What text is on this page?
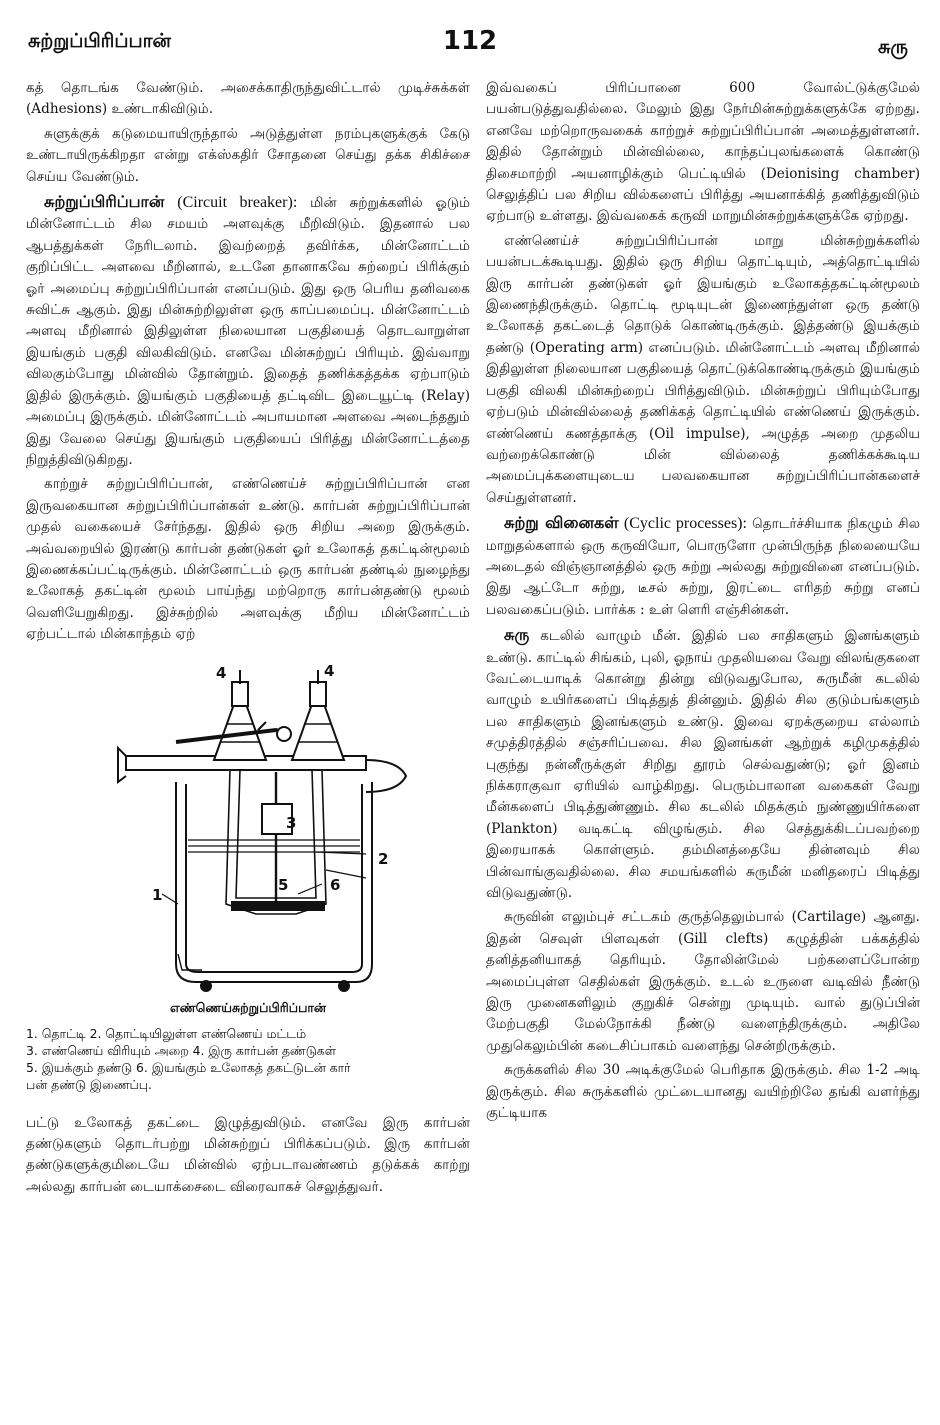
சுற்றுப்பிரிப்பான்	112	சுரு

கத் தொடங்க வேண்டும். அசைக்காதிருந்துவிட்டால் முடிச்சுக்கள் (Adhesions) உண்டாகிவிடும்.

சுளுக்குக் கடுமையாயிருந்தால் அடுத்துள்ள நரம்புகளுக்குக் கேடு உண்டாயிருக்கிறதா என்று எக்ஸ்கதிர் சோதனை செய்து தக்க சிகிச்சை செய்ய வேண்டும்.

சுற்றுப்பிரிப்பான் (Circuit breaker): மின் சுற்றுக்களில் ஓடும் மின்னோட்டம் சில சமயம் அளவுக்கு மீறிவிடும். இதனால் பல ஆபத்துக்கள் நேரிடலாம். இவற்றைத் தவிர்க்க, மின்னோட்டம் குறிப்பிட்ட அளவை மீறினால், உடனே தானாகவே சுற்றைப் பிரிக்கும் ஓர் அமைப்பு சுற்றுப்பிரிப்பான் எனப்படும். இது ஒரு பெரிய தனிவகை சுவிட்சு ஆகும். இது மின்சுற்றிலுள்ள ஒரு காப்பமைப்பு. மின்னோட்டம் அளவு மீறினால் இதிலுள்ள நிலையான பகுதியைத் தொடவாறுள்ள இயங்கும் பகுதி விலகிவிடும். எனவே மின்சுற்றுப் பிரியும். இவ்வாறு விலகும்போது மின்வில் தோன்றும். இதைத் தணிக்கத்தக்க ஏற்பாடும் இதில் இருக்கும். இயங்கும் பகுதியைத் தட்டிவிட இடையூட்டி (Relay) அமைப்பு இருக்கும். மின்னோட்டம் அபாயமான அளவை அடைந்ததும் இது வேலை செய்து இயங்கும் பகுதியைப் பிரித்து மின்னோட்டத்தை நிறுத்திவிடுகிறது.

காற்றுச் சுற்றுப்பிரிப்பான், எண்ணெய்ச் சுற்றுப்பிரிப்பான் என இருவகையான சுற்றுப்பிரிப்பான்கள் உண்டு. கார்பன் சுற்றுப்பிரிப்பான் முதல் வகையைச் சேர்ந்தது. இதில் ஒரு சிறிய அறை இருக்கும். அவ்வறையில் இரண்டு கார்பன் தண்டுகள் ஓர் உலோகத் தகட்டின்மூலம் இணைக்கப்பட்டிருக்கும். மின்னோட்டம் ஒரு கார்பன் தண்டில் நுழைந்து உலோகத் தகட்டின் மூலம் பாய்ந்து மற்றொரு கார்பன்தண்டு மூலம் வெளியேறுகிறது. இச்சுற்றில் அளவுக்கு மீறிய மின்னோட்டம் ஏற்பட்டால் மின்காந்தம் ஏற்

4	4
3
2
5	6
1
எண்ணெய்சுற்றுப்பிரிப்பான்
1. தொட்டி 2. தொட்டியிலுள்ள எண்ணெய் மட்டம்
3. எண்ணெய் விரியும் அறை 4. இரு கார்பன் தண்டுகள்
5. இயக்கும் தண்டு 6. இயங்கும் உலோகத் தகட்டுடன் கார்
பன் தண்டு இணைப்பு.

பட்டு உலோகத் தகட்டை இழுத்துவிடும். எனவே இரு கார்பன் தண்டுகளும் தொடர்பற்று மின்சுற்றுப் பிரிக்கப்படும். இரு கார்பன் தண்டுகளுக்குமிடையே மின்வில் ஏற்படாவண்ணம் தடுக்கக் காற்று அல்லது கார்பன் டையாக்சைடை விரைவாகச் செலுத்துவர்.

இவ்வகைப் பிரிப்பானை 600 வோல்ட்டுக்குமேல் பயன்படுத்துவதில்லை. மேலும் இது நேர்மின்சுற்றுக்களுக்கே ஏற்றது. எனவே மற்றொருவகைக் காற்றுச் சுற்றுப்பிரிப்பான் அமைத்துள்ளனர். இதில் தோன்றும் மின்வில்லை, காந்தப்புலங்களைக் கொண்டு திசைமாற்றி அயனாழிக்கும் பெட்டியில் (Deionising chamber) செலுத்திப் பல சிறிய வில்களைப் பிரித்து அயனாக்கித் தணித்துவிடும் ஏற்பாடு உள்ளது. இவ்வகைக் கருவி மாறுமின்சுற்றுக்களுக்கே ஏற்றது.

எண்ணெய்ச் சுற்றுப்பிரிப்பான் மாறு மின்சுற்றுக்களில் பயன்படக்கூடியது. இதில் ஒரு சிறிய தொட்டியும், அத்தொட்டியில் இரு கார்பன் தண்டுகள் ஓர் இயங்கும் உலோகத்தகட்டின்மூலம் இணைந்திருக்கும். தொட்டி மூடியுடன் இணைந்துள்ள ஒரு தண்டு உலோகத் தகட்டைத் தொடுக் கொண்டிருக்கும். இத்தண்டு இயக்கும் தண்டு (Operating arm) எனப்படும். மின்னோட்டம் அளவு மீறினால் இதிலுள்ள நிலையான பகுதியைத் தொட்டுக்கொண்டிருக்கும் இயங்கும் பகுதி விலகி மின்சுற்றைப் பிரித்துவிடும். மின்சுற்றுப் பிரியும்போது ஏற்படும் மின்வில்லைத் தணிக்கத் தொட்டியில் எண்ணெய் இருக்கும். எண்ணெய் கணத்தாக்கு (Oil impulse), அழுத்த அறை முதலிய வற்றைக்கொண்டு மின் வில்லைத் தணிக்கக்கூடிய அமைப்புக்களையுடைய பலவகையான சுற்றுப்பிரிப்பான்களைச் செய்துள்ளனர்.

சுற்று வினைகள் (Cyclic processes): தொடர்ச்சியாக நிகழும் சில மாறுதல்களால் ஒரு கருவியோ, பொருளோ முன்பிருந்த நிலையையே அடைதல் விஞ்ஞானத்தில் ஒரு சுற்று அல்லது சுற்றுவினை எனப்படும். இது ஆட்டோ சுற்று, டீசல் சுற்று, இரட்டை எரிதற் சுற்று எனப் பலவகைப்படும். பார்க்க : உள் ளெரி எஞ்சின்கள்.

சுரு கடலில் வாழும் மீன். இதில் பல சாதிகளும் இனங்களும் உண்டு. காட்டில் சிங்கம், புலி, ஓநாய் முதலியவை வேறு விலங்குகளை வேட்டையாடிக் கொன்று தின்று விடுவதுபோல, சுருமீன் கடலில் வாழும் உயிர்களைப் பிடித்துத் தின்னும். இதில் சில குடும்பங்களும் பல சாதிகளும் இனங்களும் உண்டு. இவை ஏறக்குறைய எல்லாம் சமுத்திரத்தில் சஞ்சரிப்பவை. சில இனங்கள் ஆற்றுக் கழிமுகத்தில் புகுந்து நன்னீருக்குள் சிறிது தூரம் செல்வதுண்டு; ஓர் இனம் நிக்கராகுவா ஏரியில் வாழ்கிறது. பெரும்பாலான வகைகள் வேறு மீன்களைப் பிடித்துண்ணும். சில கடலில் மிதக்கும் நுண்ணுயிர்களை (Plankton) வடிகட்டி விழுங்கும். சில செத்துக்கிடப்பவற்றை இரையாகக் கொள்ளும். தம்மினத்தையே தின்னவும் சில பின்வாங்குவதில்லை. சில சமயங்களில் சுருமீன் மனிதரைப் பிடித்து விடுவதுண்டு.

சுருவின் எலும்புச் சட்டகம் குருத்தெலும்பால் (Cartilage) ஆனது. இதன் செவுள் பிளவுகள் (Gill clefts) கழுத்தின் பக்கத்தில் தனித்தனியாகத் தெரியும். தோலின்மேல் பற்களைப்போன்ற அமைப்புள்ள செதில்கள் இருக்கும். உடல் உருளை வடிவில் நீண்டு இரு முனைகளிலும் குறுகிச் சென்று முடியும். வால் துடுப்பின் மேற்பகுதி மேல்நோக்கி நீண்டு வளைந்திருக்கும். அதிலே முதுகெலும்பின் கடைசிப்பாகம் வளைந்து சென்றிருக்கும்.

சுருக்களில் சில 30 அடிக்குமேல் பெரிதாக இருக்கும். சில 1-2 அடி இருக்கும். சில சுருக்களில் முட்டையானது வயிற்றிலே தங்கி வளர்ந்து குட்டியாக
